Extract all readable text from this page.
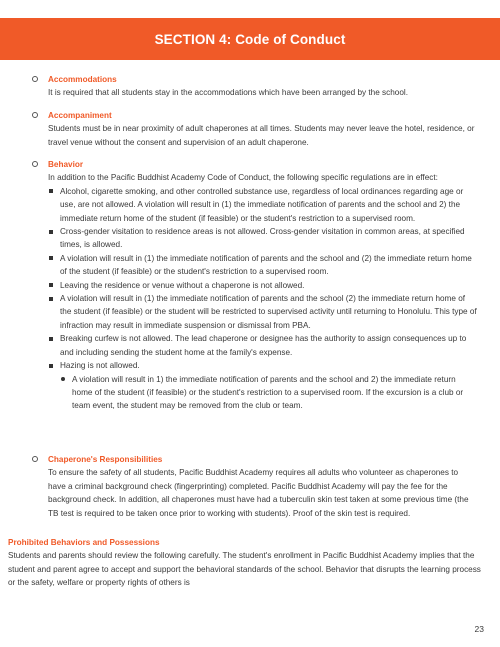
SECTION 4: Code of Conduct
Accommodations
It is required that all students stay in the accommodations which have been arranged by the school.
Accompaniment
Students must be in near proximity of adult chaperones at all times. Students may never leave the hotel, residence, or travel venue without the consent and supervision of an adult chaperone.
Behavior
In addition to the Pacific Buddhist Academy Code of Conduct, the following specific regulations are in effect:
Alcohol, cigarette smoking, and other controlled substance use, regardless of local ordinances regarding age or use, are not allowed. A violation will result in (1) the immediate notification of parents and the school and 2) the immediate return home of the student (if feasible) or the student's restriction to a supervised room.
Cross-gender visitation to residence areas is not allowed. Cross-gender visitation in common areas, at specified times, is allowed.
A violation will result in (1) the immediate notification of parents and the school and (2) the immediate return home of the student (if feasible) or the student's restriction to a supervised room.
Leaving the residence or venue without a chaperone is not allowed.
A violation will result in (1) the immediate notification of parents and the school (2) the immediate return home of the student (if feasible) or the student will be restricted to supervised activity until returning to Honolulu. This type of infraction may result in immediate suspension or dismissal from PBA.
Breaking curfew is not allowed. The lead chaperone or designee has the authority to assign consequences up to and including sending the student home at the family's expense.
Hazing is not allowed.
A violation will result in 1) the immediate notification of parents and the school and 2) the immediate return home of the student (if feasible) or the student's restriction to a supervised room. If the excursion is a club or team event, the student may be removed from the club or team.
Chaperone's Responsibilities
To ensure the safety of all students, Pacific Buddhist Academy requires all adults who volunteer as chaperones to have a criminal background check (fingerprinting) completed. Pacific Buddhist Academy will pay the fee for the background check. In addition, all chaperones must have had a tuberculin skin test taken at some previous time (the TB test is required to be taken once prior to working with students). Proof of the skin test is required.
Prohibited Behaviors and Possessions
Students and parents should review the following carefully. The student's enrollment in Pacific Buddhist Academy implies that the student and parent agree to accept and support the behavioral standards of the school. Behavior that disrupts the learning process or the safety, welfare or property rights of others is
23
